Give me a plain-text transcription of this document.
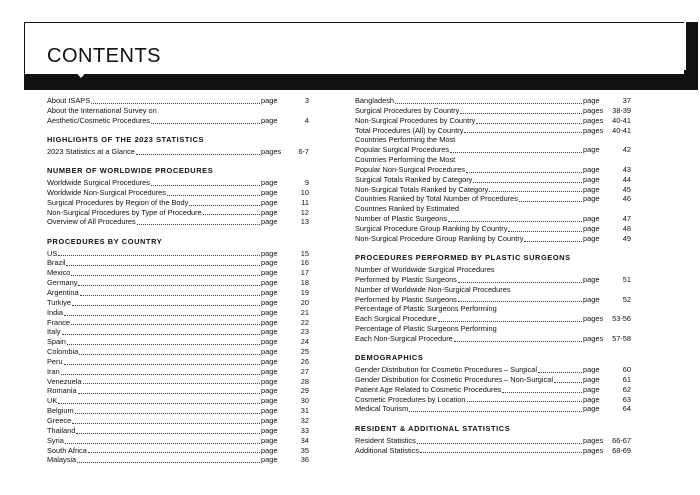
CONTENTS
About ISAPS	page	3
About the International Survey on
Aesthetic/Cosmetic Procedures	page	4
HIGHLIGHTS OF THE 2023 STATISTICS
2023 Statistics at a Glance	pages	6-7
NUMBER OF WORLDWIDE PROCEDURES
Worldwide Surgical Procedures	page	9
Worldwide Non-Surgical Procedures	page	10
Surgical Procedures by Region of the Body	page	11
Non-Surgical Procedures by Type of Procedure	page	12
Overview of All Procedures	page	13
PROCEDURES BY COUNTRY
US	page	15
Brazil	page	16
Mexico	page	17
Germany	page	18
Argentina	page	19
Turkiye	page	20
India	page	21
France	page	22
Italy	page	23
Spain	page	24
Colombia	page	25
Peru	page	26
Iran	page	27
Venezuela	page	28
Romania	page	29
UK	page	30
Belgium	page	31
Greece	page	32
Thailand	page	33
Syria	page	34
South Africa	page	35
Malaysia	page	36
Bangladesh	page	37
Surgical Procedures by Country	pages	38-39
Non-Surgical Procedures by Country	pages	40-41
Total Procedures (All) by Country	pages	40-41
Countries Performing the Most
Popular Surgical Procedures	page	42
Countries Performing the Most
Popular Non-Surgical Procedures	page	43
Surgical Totals Ranked by Category	page	44
Non-Surgical Totals Ranked by Category	page	45
Countries Ranked by Total Number of Procedures	page	46
Countries Ranked by Estimated
Number of Plastic Surgeons	page	47
Surgical Procedure Group Ranking by Country	page	48
Non-Surgical Procedure Group Ranking by Country	page	49
PROCEDURES PERFORMED BY PLASTIC SURGEONS
Number of Worldwide Surgical Procedures
Performed by Plastic Surgeons	page	51
Number of Worldwide Non-Surgical Procedures
Performed by Plastic Surgeons	page	52
Percentage of Plastic Surgeons Performing
Each Surgical Procedure	pages	53-56
Percentage of Plastic Surgeons Performing
Each Non-Surgical Procedure	pages	57-58
DEMOGRAPHICS
Gender Distribution for Cosmetic Procedures – Surgical	page	60
Gender Distribution for Cosmetic Procedures – Non-Surgical	page	61
Patient Age Related to Cosmetic Procedures	page	62
Cosmetic Procedures by Location	page	63
Medical Tourism	page	64
RESIDENT & ADDITIONAL STATISTICS
Resident Statistics	pages	66-67
Additional Statistics	pages	68-69
